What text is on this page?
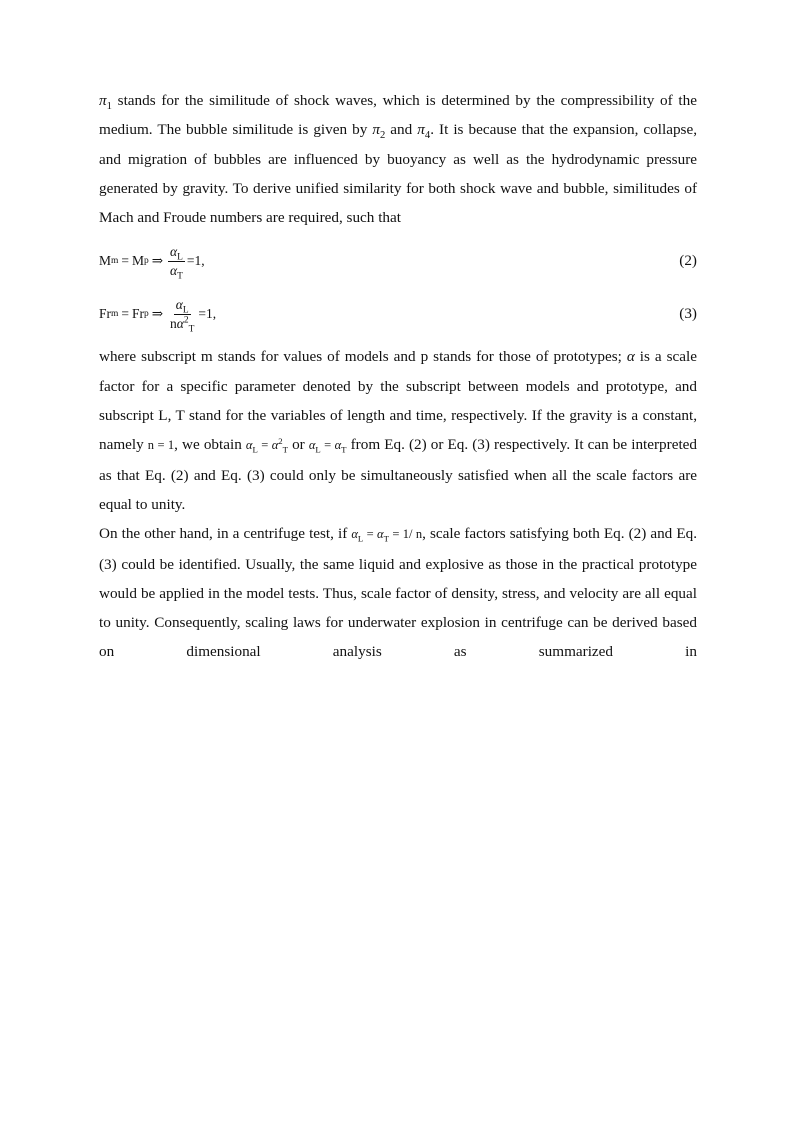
$\pi_1$ stands for the similitude of shock waves, which is determined by the compressibility of the medium. The bubble similitude is given by $\pi_2$ and $\pi_4$. It is because that the expansion, collapse, and migration of bubbles are influenced by buoyancy as well as the hydrodynamic pressure generated by gravity. To derive unified similarity for both shock wave and bubble, similitudes of Mach and Froude numbers are required, such that

M m = M p ⇒ $\frac{\alpha_L}{\alpha_T} =1$ ,	(2)
Fr m = Fr p ⇒ $\frac{\alpha_L}{n\alpha^2_T} =1$ ,	(3)

where subscript m stands for values of models and p stands for those of prototypes; α is a scale factor for a specific parameter denoted by the subscript between models and prototype, and subscript L, T stand for the variables of length and time, respectively. If the gravity is a constant, namely n = 1, we obtain $\alpha_L = \alpha^2_T$ or $\alpha_L = \alpha_T$ from Eq. (2) or Eq. (3) respectively. It can be interpreted as that Eq. (2) and Eq. (3) could only be simultaneously satisfied when all the scale factors are equal to unity.

On the other hand, in a centrifuge test, if $\alpha_L = \alpha_T = 1/$ n, scale factors satisfying both Eq. (2) and Eq. (3) could be identified. Usually, the same liquid and explosive as those in the practical prototype would be applied in the model tests. Thus, scale factor of density, stress, and velocity are all equal to unity. Consequently, scaling laws for underwater explosion in centrifuge can be derived based on dimensional analysis as summarized in
